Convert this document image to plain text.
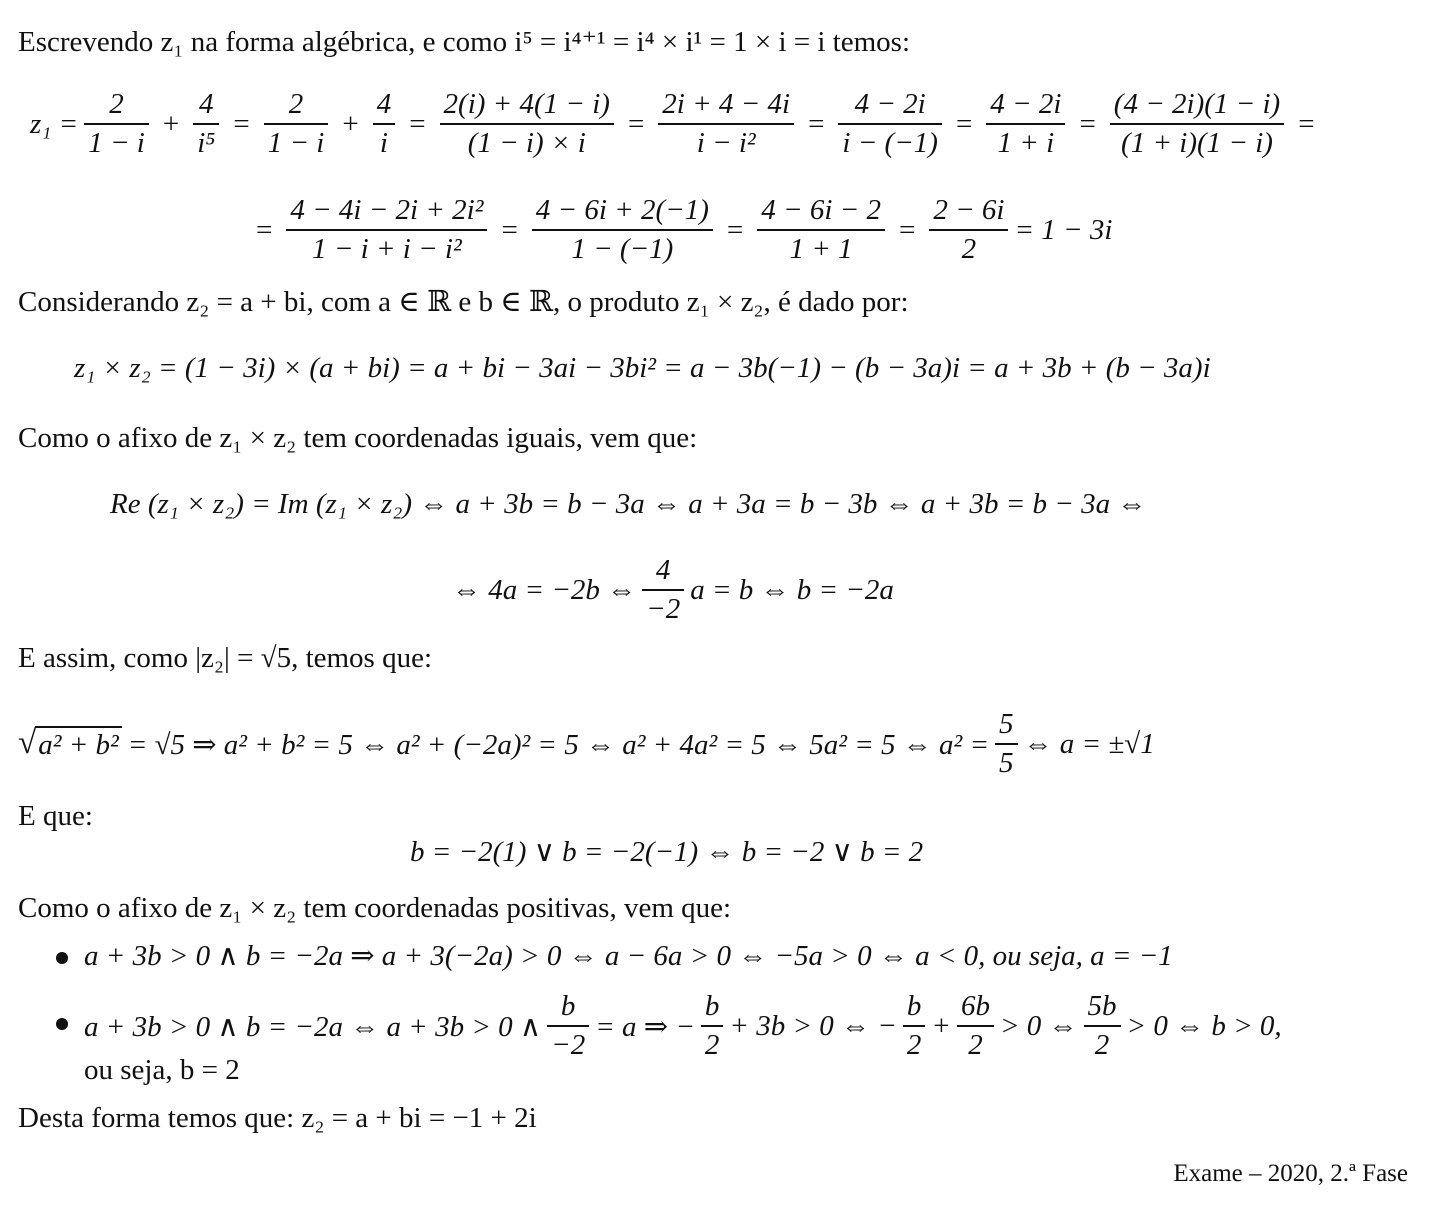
Escrevendo z₁ na forma algébrica, e como i⁵ = i⁴⁺¹ = i⁴ × i¹ = 1 × i = i temos:
$z_1 = \frac{2}{1 - i} + \frac{4}{\text{i⁵}} = \frac{2}{1 - i} + \frac{4}{i} = \frac{2(i) + 4(1 - i)}{(1 - i) \times i} = \frac{2i + 4 - 4i}{\text{i − i²}} = \frac{4 - 2i}{i - (-1)} = \frac{4 - 2i}{1 + i} = \frac{(4 - 2i)(1 - i)}{(1 + i)(1 - i)}$ =
= $\frac{\text{4 − 4i − 2i + 2i²}}{\text{1 − i + i − i²}} = \frac{4 - 6i + 2(-1)}{1 - (-1)} = \frac{4 - 6i - 2}{1 + 1} = \frac{2 - 6i}{2} = 1 - 3i$
Considerando z₂ = a + bi, com a ∈ ℝ e b ∈ ℝ, o produto z₁ × z₂, é dado por:
z₁ × z₂ = (1 − 3i) × (a + bi) = a + bi − 3ai − 3bi² = a − 3b(−1) − (b − 3a)i = a + 3b + (b − 3a)i
Como o afixo de z₁ × z₂ tem coordenadas iguais, vem que:
Re (z₁ × z₂) = Im (z₁ × z₂) ⇔ a + 3b = b − 3a ⇔ a + 3a = b − 3b ⇔ a + 3b = b − 3a ⇔
⇔ 4a = −2b ⇔ $\frac{4}{-2}$ a = b ⇔ b = −2a
E assim, como |z₂| = √5, temos que:
√ a² + b² = √5 ⇒ a² + b² = 5 ⇔ a² + (−2a)² = 5 ⇔ a² + 4a² = 5 ⇔ 5a² = 5 ⇔ $a^2 = \frac{5}{5}$ ⇔ a = ±√1
E que:
b = −2(1) ∨ b = −2(−1) ⇔ b = −2 ∨ b = 2
Como o afixo de z₁ × z₂ tem coordenadas positivas, vem que:
a + 3b > 0 ∧ b = −2a ⇒ a + 3(−2a) > 0 ⇔ a − 6a > 0 ⇔ −5a > 0 ⇔ a < 0, ou seja, a = −1
a + 3b > 0 ∧ b = −2a ⇔ a + 3b > 0 ∧ $\frac{b}{-2} = a$ ⇒ − $\frac{b}{2} + 3b > 0$ ⇔ − $\frac{b}{2} + \frac{6b}{2} > 0$ ⇔ $\frac{5b}{2} > 0$ ⇔ b > 0,
ou seja, b = 2
Desta forma temos que: z₂ = a + bi = −1 + 2i
Exame – 2020, 2.ª Fase
